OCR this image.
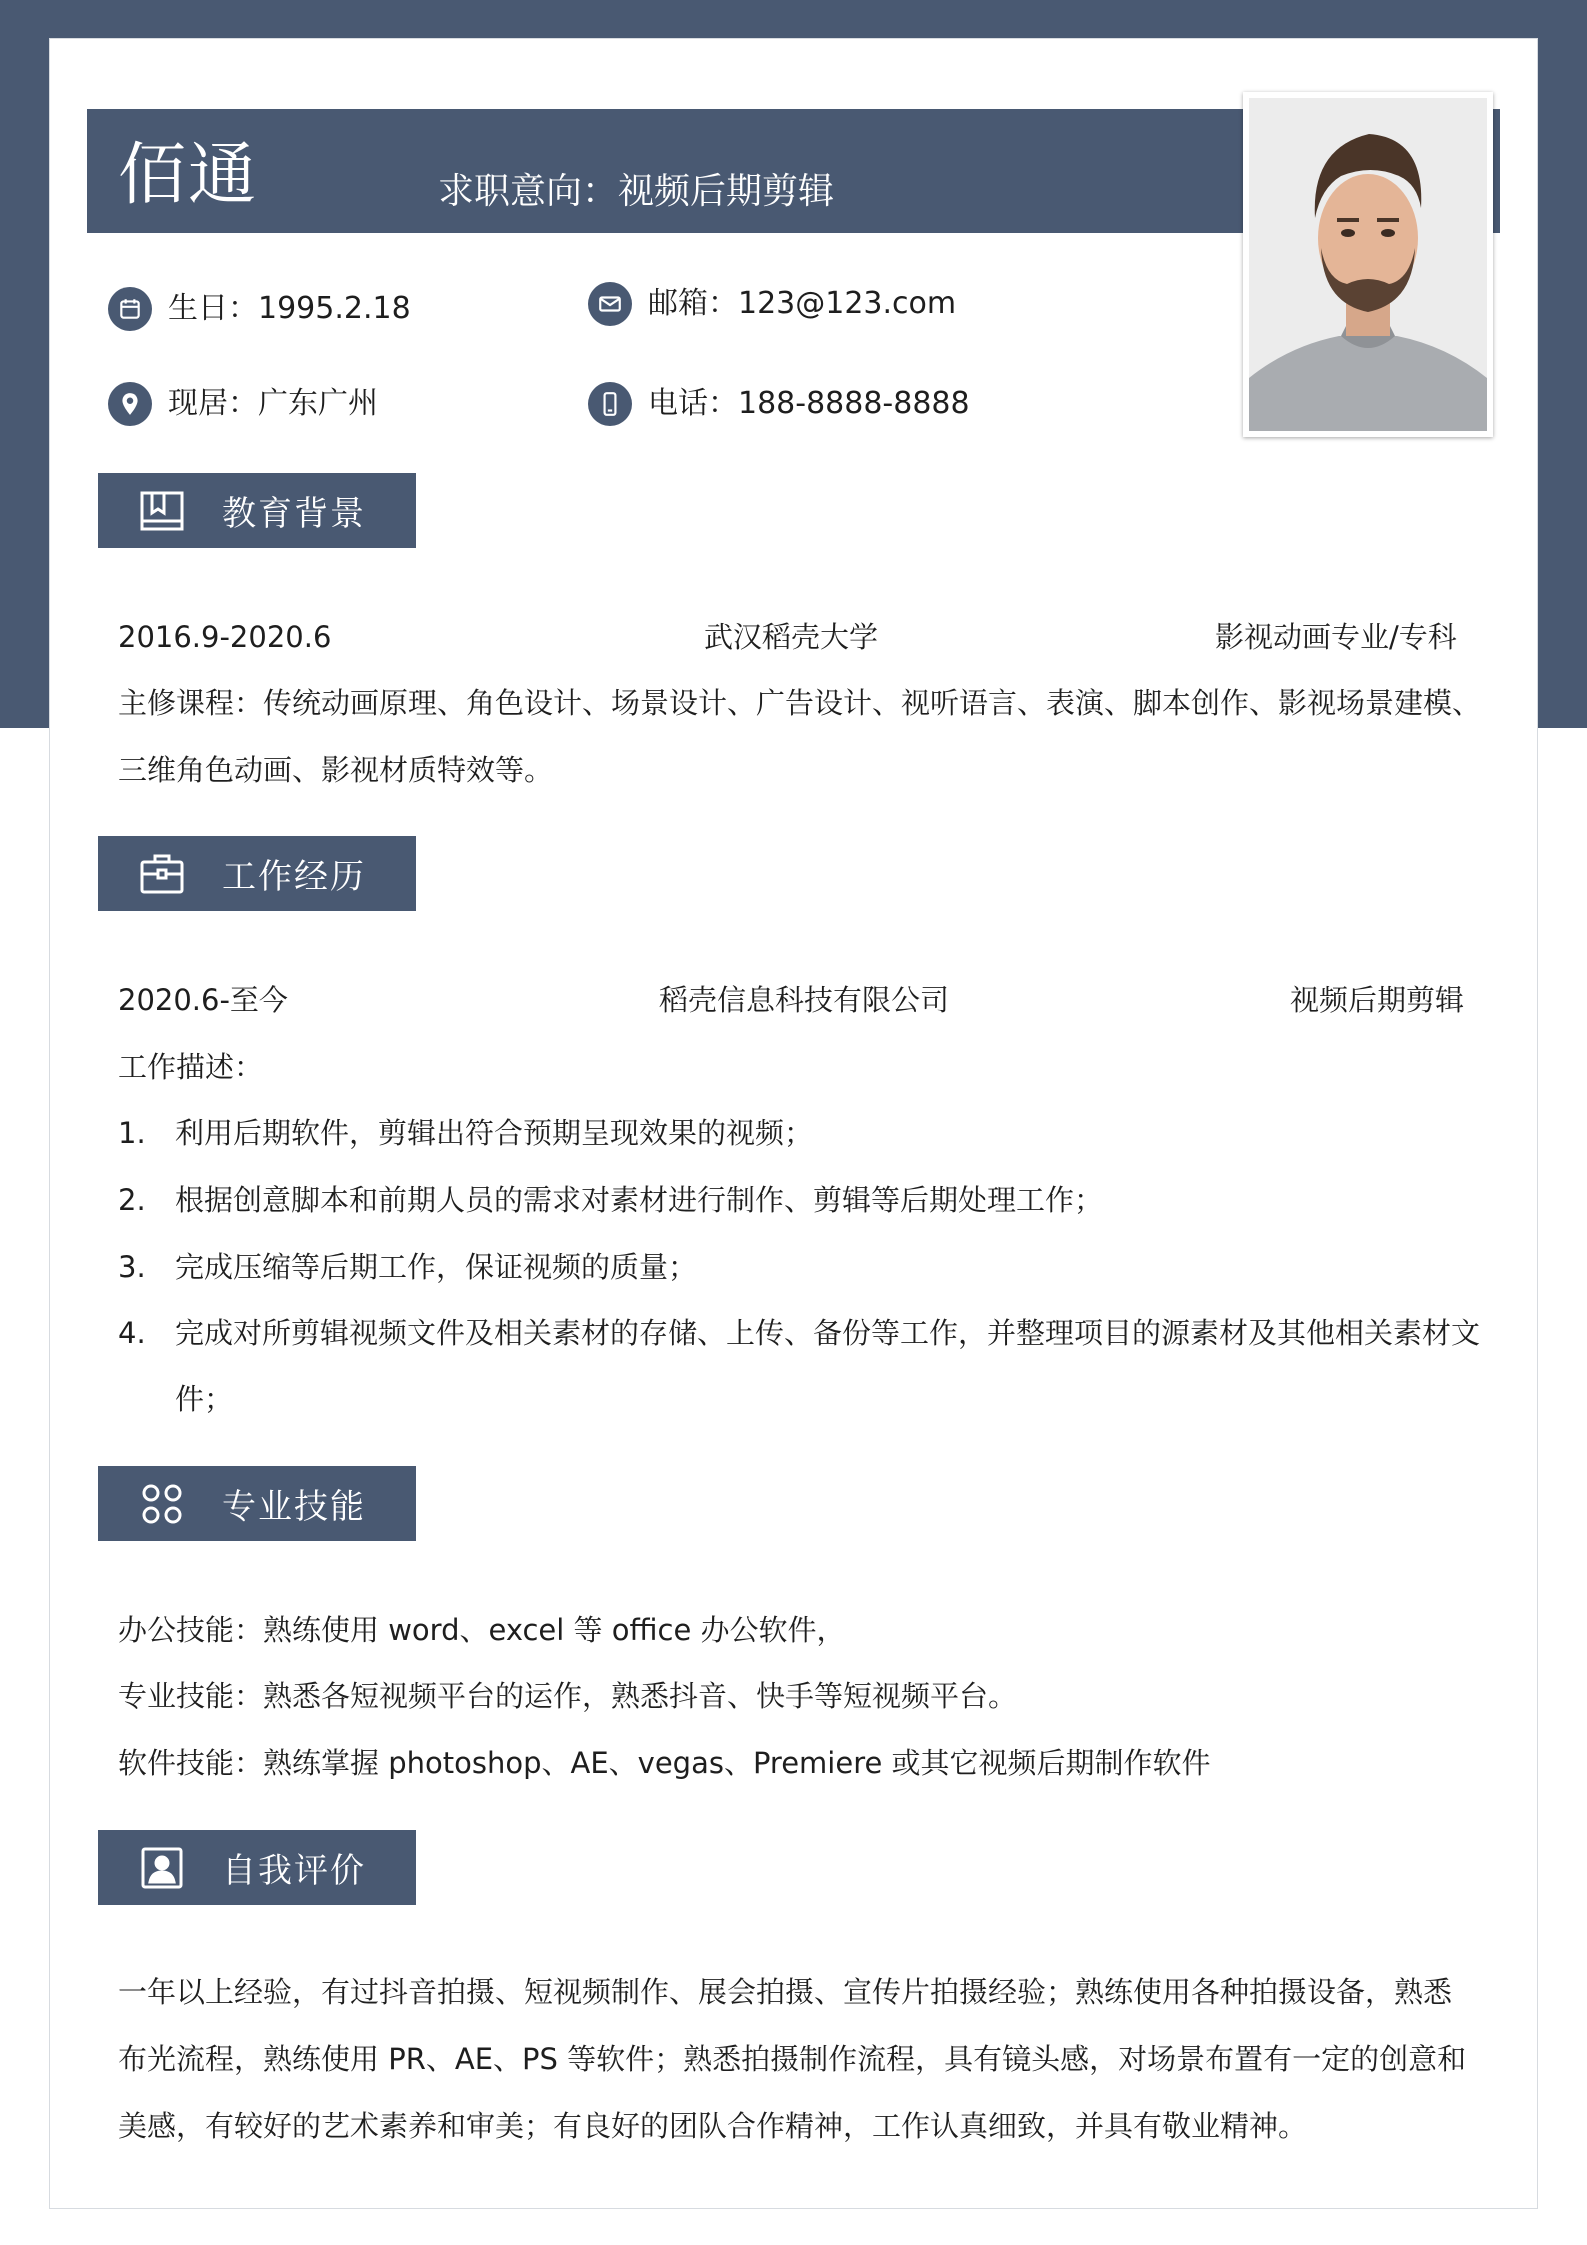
佰通	求职意向：视频后期剪辑
生日：1995.2.18	邮箱：123@123.com
现居：广东广州	电话：188-8888-8888
教育背景
2016.9-2020.6	武汉稻壳大学	影视动画专业/专科
主修课程：传统动画原理、角色设计、场景设计、广告设计、视听语言、表演、脚本创作、影视场景建模、
三维角色动画、影视材质特效等。
工作经历
2020.6-至今	稻壳信息科技有限公司	视频后期剪辑
工作描述：
1.	利用后期软件，剪辑出符合预期呈现效果的视频；
2.	根据创意脚本和前期人员的需求对素材进行制作、剪辑等后期处理工作；
3.	完成压缩等后期工作，保证视频的质量；
4.	完成对所剪辑视频文件及相关素材的存储、上传、备份等工作，并整理项目的源素材及其他相关素材文件；
专业技能
办公技能：熟练使用 word、excel 等 office 办公软件，
专业技能：熟悉各短视频平台的运作，熟悉抖音、快手等短视频平台。
软件技能：熟练掌握 photoshop、AE、vegas、Premiere 或其它视频后期制作软件
自我评价
一年以上经验，有过抖音拍摄、短视频制作、展会拍摄、宣传片拍摄经验；熟练使用各种拍摄设备，熟悉布光流程，熟练使用 PR、AE、PS 等软件；熟悉拍摄制作流程，具有镜头感，对场景布置有一定的创意和美感，有较好的艺术素养和审美；有良好的团队合作精神，工作认真细致，并具有敬业精神。
